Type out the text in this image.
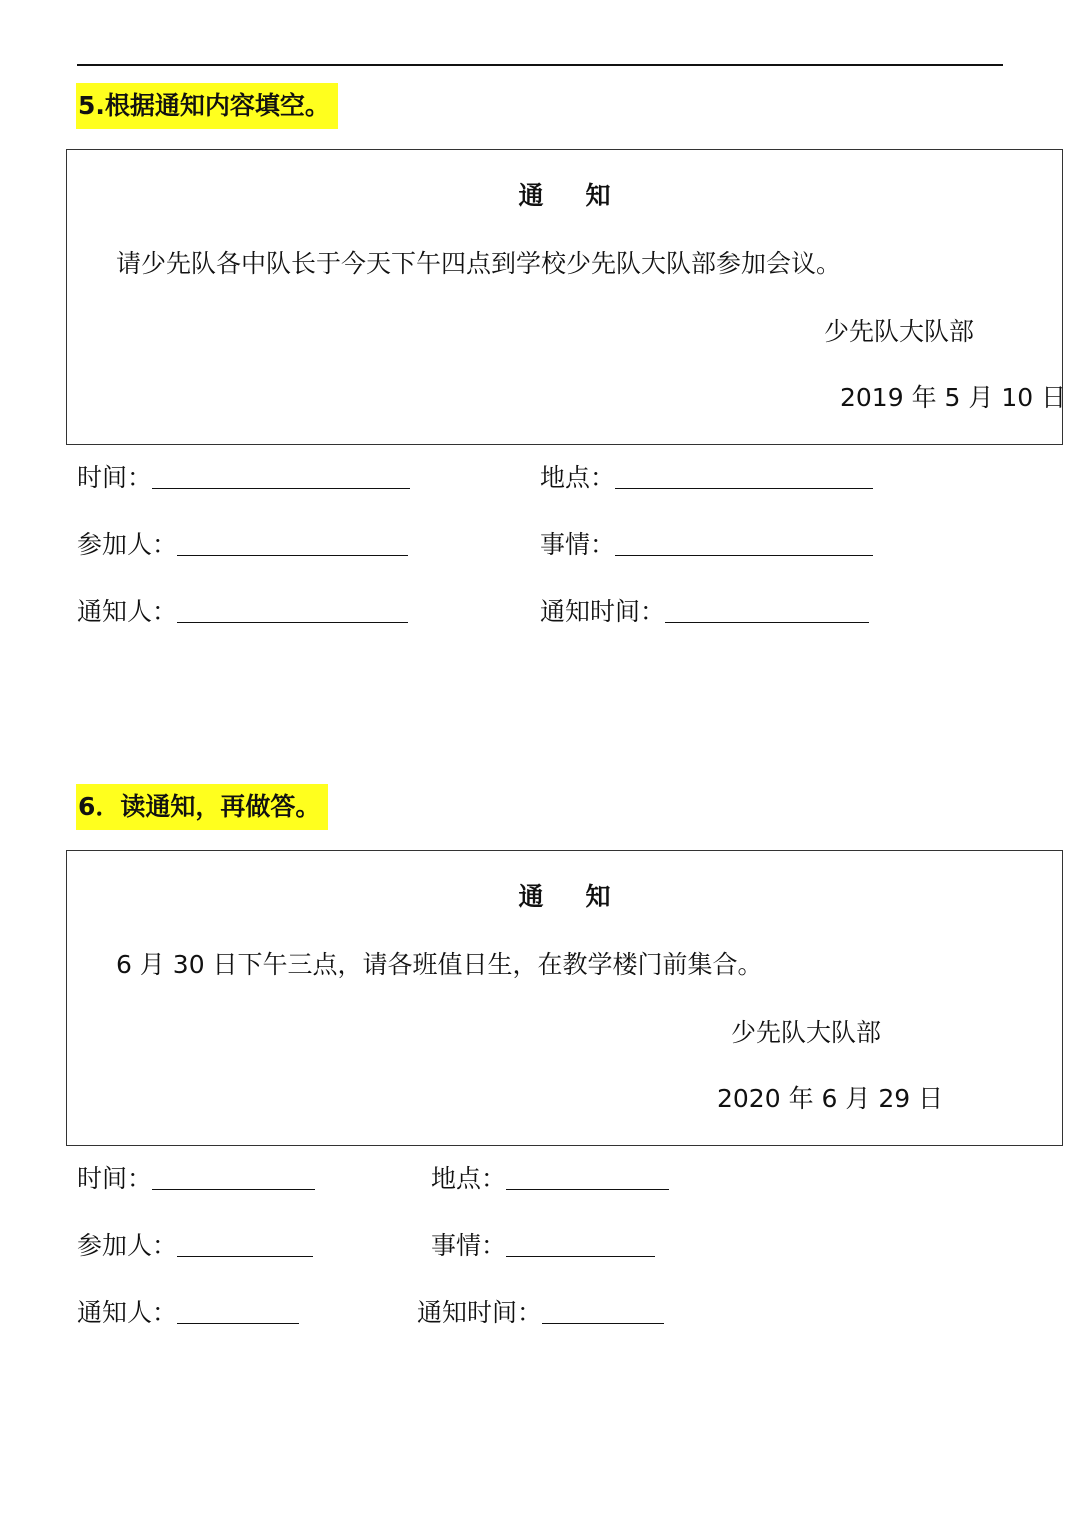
5.根据通知内容填空。
通 知
请少先队各中队长于今天下午四点到学校少先队大队部参加会议。
少先队大队部
2019 年 5 月 10 日
时间：	地点：
参加人：	事情：
通知人：	通知时间：
6．读通知，再做答。
通 知
6 月 30 日下午三点，请各班值日生，在教学楼门前集合。
少先队大队部
2020 年 6 月 29 日
时间：	地点：
参加人：	事情：
通知人：	通知时间：
